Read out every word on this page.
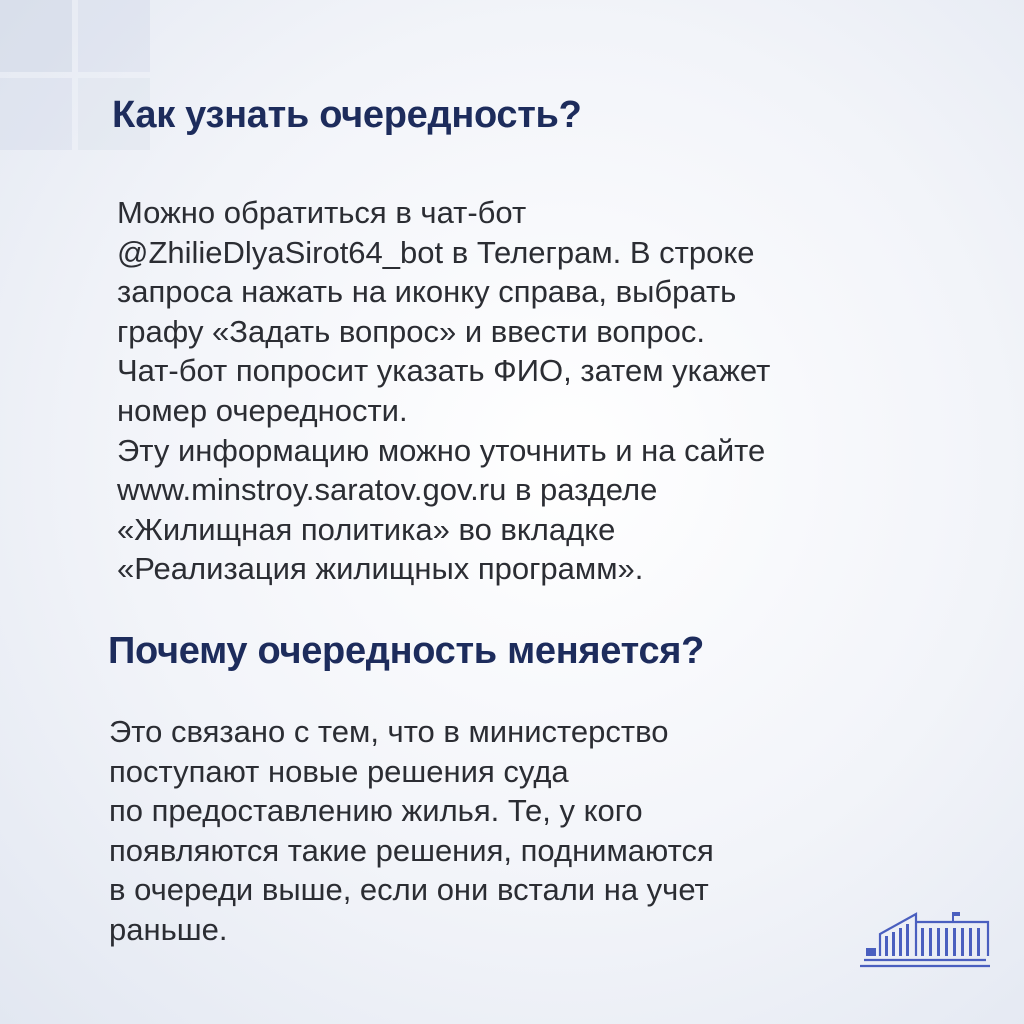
Как узнать очередность?
Можно обратиться в чат-бот
@ZhilieDlyaSirot64_bot в Телеграм. В строке
запроса нажать на иконку справа, выбрать
графу «Задать вопрос» и ввести вопрос.
Чат-бот попросит указать ФИО, затем укажет
номер очередности.
Эту информацию можно уточнить и на сайте
www.minstroy.saratov.gov.ru в разделе
«Жилищная политика» во вкладке
«Реализация жилищных программ».
Почему очередность меняется?
Это связано с тем, что в министерство
поступают новые решения суда
по предоставлению жилья. Те, у кого
появляются такие решения, поднимаются
в очереди выше, если они встали на учет
раньше.
